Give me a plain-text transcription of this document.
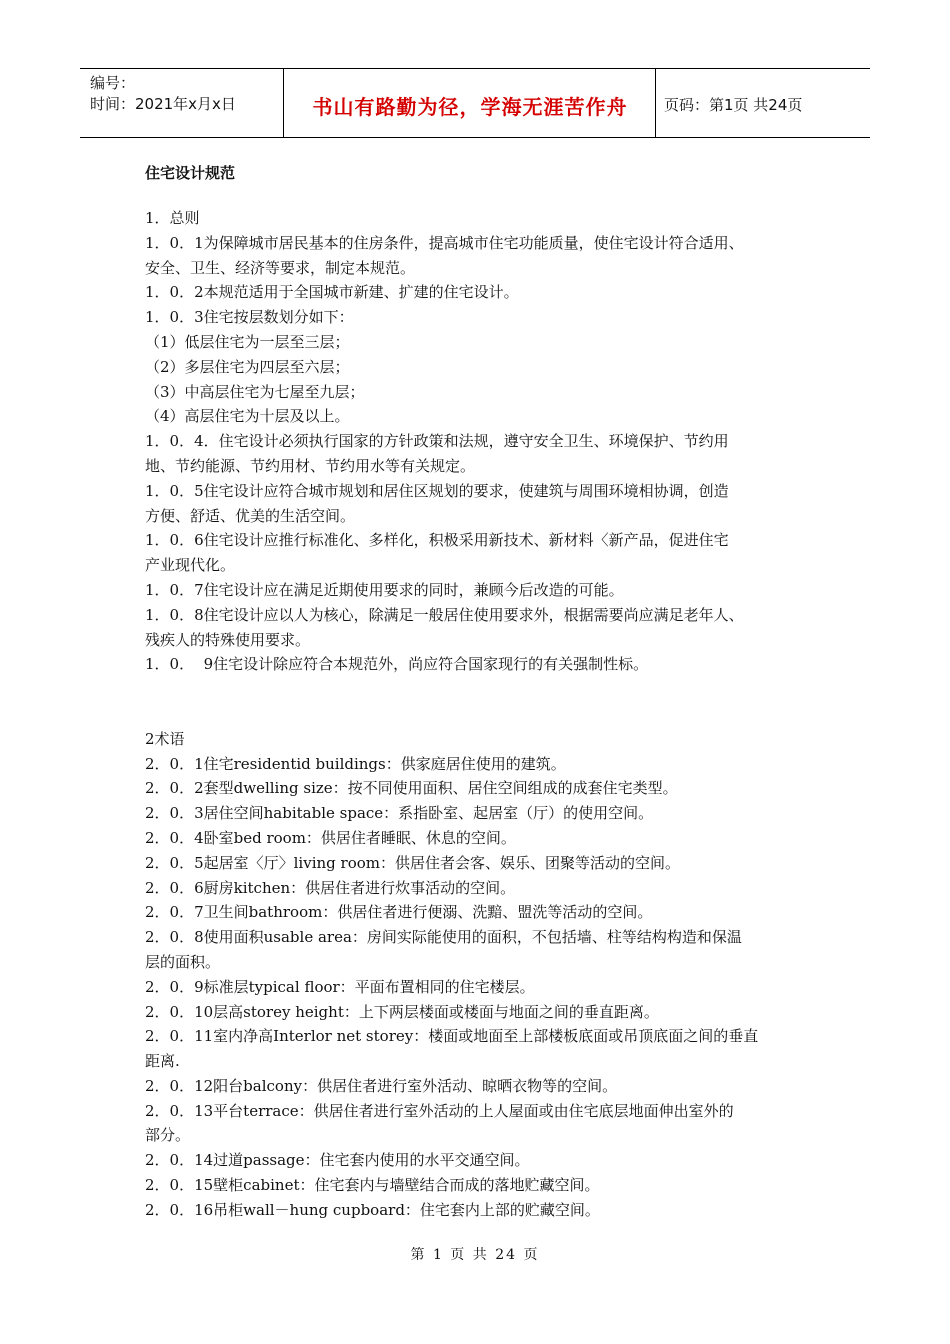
编号：
时间：2021年x月x日	书山有路勤为径，学海无涯苦作舟	页码：第1页 共24页
住宅设计规范
1．总则
1．0．1为保障城市居民基本的住房条件，提高城市住宅功能质量，使住宅设计符合适用、
安全、卫生、经济等要求，制定本规范。
1．0．2本规范适用于全国城市新建、扩建的住宅设计。
1．0．3住宅按层数划分如下：
（1）低层住宅为一层至三层；
（2）多层住宅为四层至六层；
（3）中高层住宅为七屋至九层；
（4）高层住宅为十层及以上。
1．0．4．住宅设计必须执行国家的方针政策和法规，遵守安全卫生、环境保护、节约用
地、节约能源、节约用材、节约用水等有关规定。
1．0．5住宅设计应符合城市规划和居住区规划的要求，使建筑与周围环境相协调，创造
方便、舒适、优美的生活空间。
1．0．6住宅设计应推行标准化、多样化，积极采用新技术、新材料〈新产品，促进住宅
产业现代化。
1．0．7住宅设计应在满足近期使用要求的同时，兼顾今后改造的可能。
1．0．8住宅设计应以人为核心，除满足一般居住使用要求外，根据需要尚应满足老年人、
残疾人的特殊使用要求。
1．0．  9住宅设计除应符合本规范外，尚应符合国家现行的有关强制性标。
2术语
2．0．1住宅residentid buildings：供家庭居住使用的建筑。
2．0．2套型dwelling size：按不同使用面积、居住空间组成的成套住宅类型。
2．0．3居住空间habitable space：系指卧室、起居室（厅）的使用空间。
2．0．4卧室bed room：供居住者睡眠、休息的空间。
2．0．5起居室〈厅〉living room：供居住者会客、娱乐、团聚等活动的空间。
2．0．6厨房kitchen：供居住者进行炊事活动的空间。
2．0．7卫生间bathroom：供居住者进行便溺、洗黯、盟洗等活动的空间。
2．0．8使用面积usable area：房间实际能使用的面积，不包括墙、柱等结构构造和保温
层的面积。
2．0．9标准层typical floor：平面布置相同的住宅楼层。
2．0．10层高storey height：上下两层楼面或楼面与地面之间的垂直距离。
2．0．11室内净高Interlor net storey：楼面或地面至上部楼板底面或吊顶底面之间的垂直
距离.
2．0．12阳台balcony：供居住者进行室外活动、晾晒衣物等的空间。
2．0．13平台terrace：供居住者进行室外活动的上人屋面或由住宅底层地面伸出室外的
部分。
2．0．14过道passage：住宅套内使用的水平交通空间。
2．0．15壁柜cabinet：住宅套内与墙壁结合而成的落地贮藏空间。
2．0．16吊柜wall－hung cupboard：住宅套内上部的贮藏空间。
第 1 页 共 24 页
